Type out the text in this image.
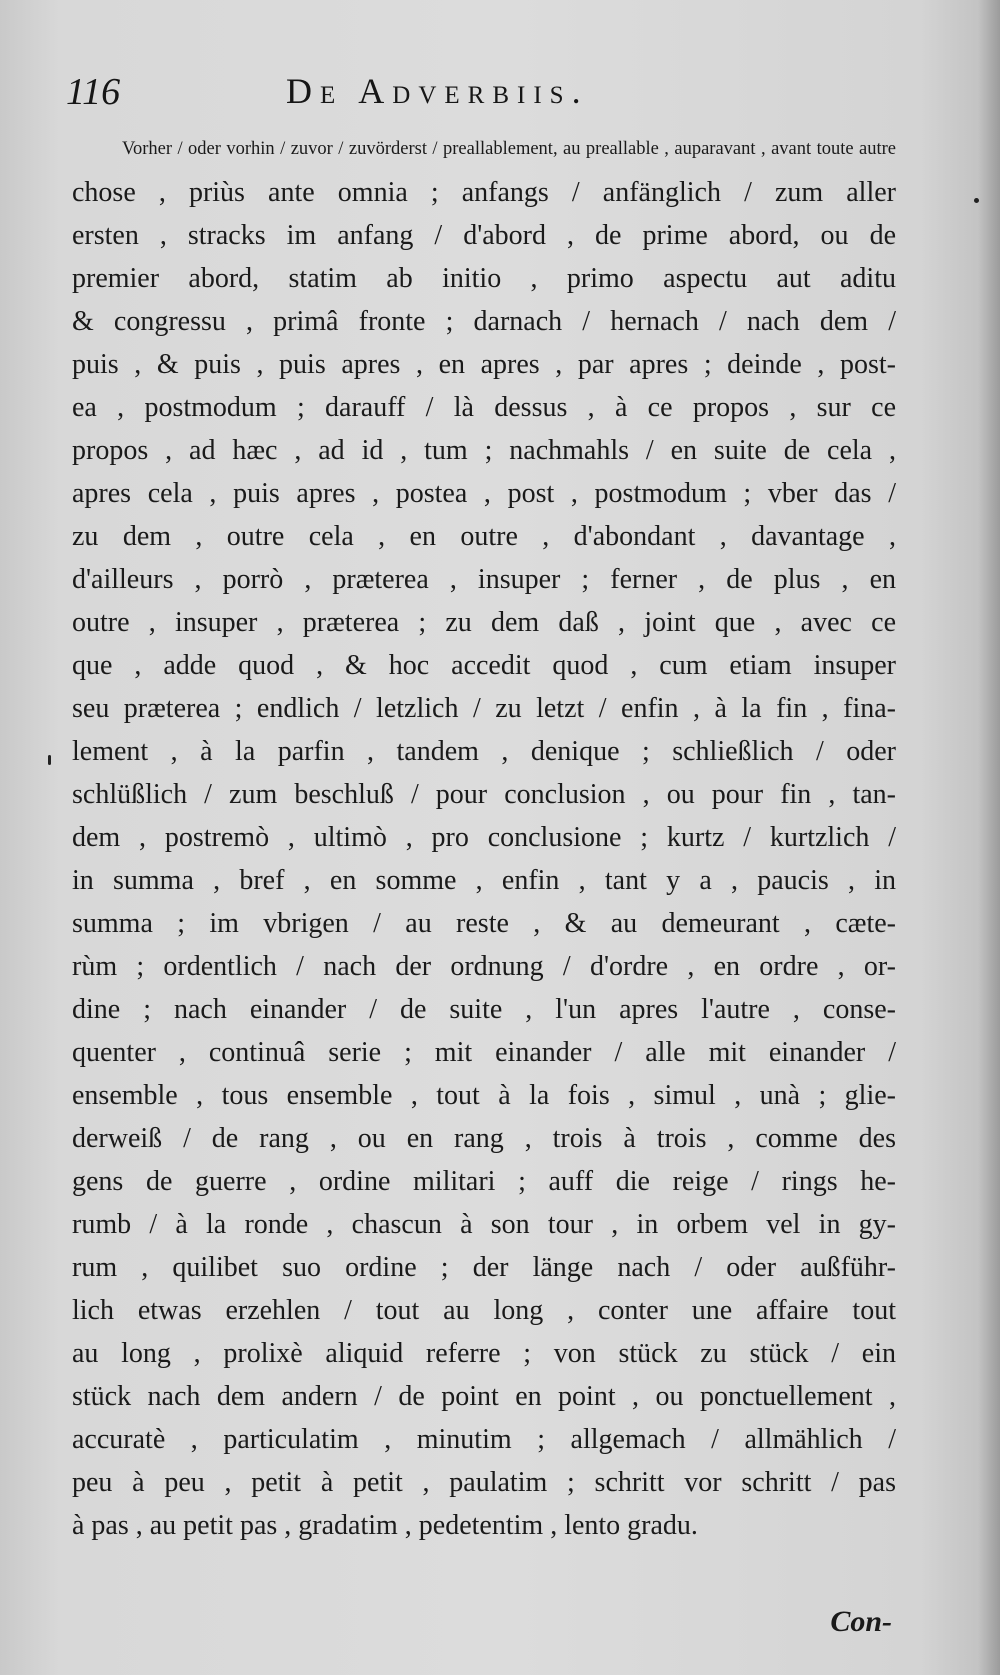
116	De Adverbiis.
Vorher / oder vorhin / zuvor / zuvörderst / preallablement, au preallable , auparavant , avant toute autre
chose , priùs ante omnia ; anfangs / anfänglich / zum aller
ersten , stracks im anfang / d'abord , de prime abord, ou de
premier abord, statim ab initio , primo aspectu aut aditu
& congressu , primâ fronte ; darnach / hernach / nach dem /
puis , & puis , puis apres , en apres , par apres ; deinde , post-
ea , postmodum ; darauff / là dessus , à ce propos , sur ce
propos , ad hæc , ad id , tum ; nachmahls / en suite de cela ,
apres cela , puis apres , postea , post , postmodum ; vber das /
zu dem , outre cela , en outre , d'abondant , davantage ,
d'ailleurs , porrò , præterea , insuper ; ferner , de plus , en
outre , insuper , præterea ; zu dem daß , joint que , avec ce
que , adde quod , & hoc accedit quod , cum etiam insuper
seu præterea ; endlich / letzlich / zu letzt / enfin , à la fin , fina-
lement , à la parfin , tandem , denique ; schließlich / oder
schlüßlich / zum beschluß / pour conclusion , ou pour fin , tan-
dem , postremò , ultimò , pro conclusione ; kurtz / kurtzlich /
in summa , bref , en somme , enfin , tant y a , paucis , in
summa ; im vbrigen / au reste , & au demeurant , cæte-
rùm ; ordentlich / nach der ordnung / d'ordre , en ordre , or-
dine ; nach einander / de suite , l'un apres l'autre , conse-
quenter , continuâ serie ; mit einander / alle mit einander /
ensemble , tous ensemble , tout à la fois , simul , unà ; glie-
derweiß / de rang , ou en rang , trois à trois , comme des
gens de guerre , ordine militari ; auff die reige / rings he-
rumb / à la ronde , chascun à son tour , in orbem vel in gy-
rum , quilibet suo ordine ; der länge nach / oder außführ-
lich etwas erzehlen / tout au long , conter une affaire tout
au long , prolixè aliquid referre ; von stück zu stück / ein
stück nach dem andern / de point en point , ou ponctuellement ,
accuratè , particulatim , minutim ; allgemach / allmählich /
peu à peu , petit à petit , paulatim ; schritt vor schritt / pas
à pas , au petit pas , gradatim , pedetentim , lento gradu.
Con-
